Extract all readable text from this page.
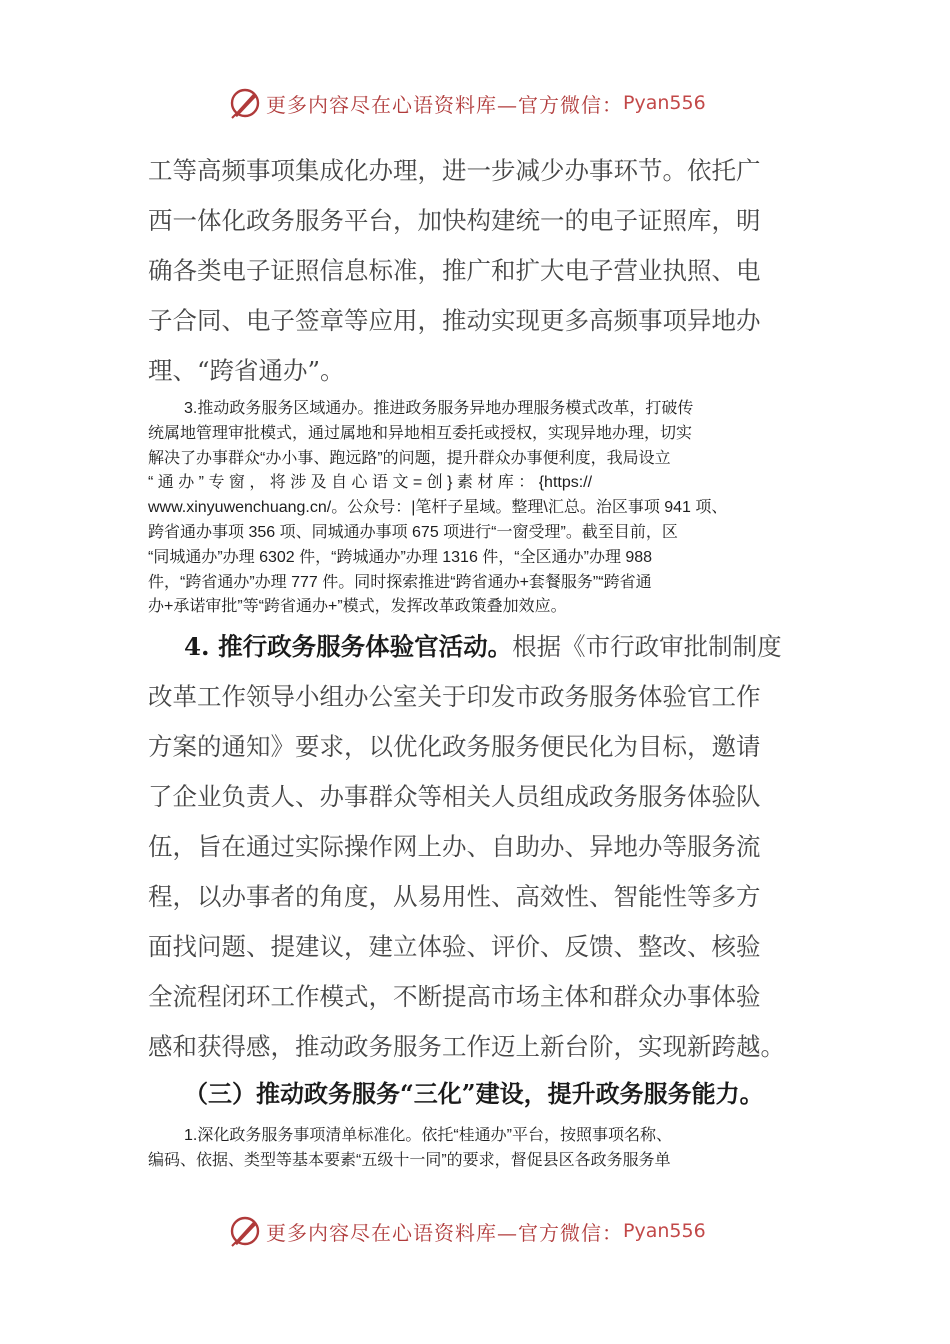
更多内容尽在心语资料库—官方微信： Pyan556

工等高频事项集成化办理，进一步减少办事环节。依托广
西一体化政务服务平台，加快构建统一的电子证照库，明
确各类电子证照信息标准，推广和扩大电子营业执照、电
子合同、电子签章等应用，推动实现更多高频事项异地办
理、“跨省通办”。

3.推动政务服务区域通办。推进政务服务异地办理服务模式改革，打破传
统属地管理审批模式，通过属地和异地相互委托或授权，实现异地办理，切实
解决了办事群众“办小事、跑远路”的问题，提升群众办事便利度，我局设立
“ 通 办 ” 专 窗 ， 将 涉 及 自 心 语 文 = 创 } 素 材 库 ： {https://
www.xinyuwenchuang.cn/。公众号：|笔杆子星域。整理\汇总。治区事项 941 项、
跨省通办事项 356 项、同城通办事项 675 项进行“一窗受理”。截至目前，区
“同城通办”办理 6302 件，“跨城通办”办理 1316 件，“全区通办”办理 988
件，“跨省通办”办理 777 件。同时探索推进“跨省通办+套餐服务”“跨省通
办+承诺审批”等“跨省通办+”模式，发挥改革政策叠加效应。

4. 推行政务服务体验官活动。根据《市行政审批制制度
改革工作领导小组办公室关于印发市政务服务体验官工作
方案的通知》要求，以优化政务服务便民化为目标，邀请
了企业负责人、办事群众等相关人员组成政务服务体验队
伍，旨在通过实际操作网上办、自助办、异地办等服务流
程，以办事者的角度，从易用性、高效性、智能性等多方
面找问题、提建议，建立体验、评价、反馈、整改、核验
全流程闭环工作模式，不断提高市场主体和群众办事体验
感和获得感，推动政务服务工作迈上新台阶，实现新跨越。

（三）推动政务服务“三化”建设，提升政务服务能力。

1.深化政务服务事项清单标准化。依托“桂通办”平台，按照事项名称、
编码、依据、类型等基本要素“五级十一同”的要求，督促县区各政务服务单

更多内容尽在心语资料库—官方微信： Pyan556
